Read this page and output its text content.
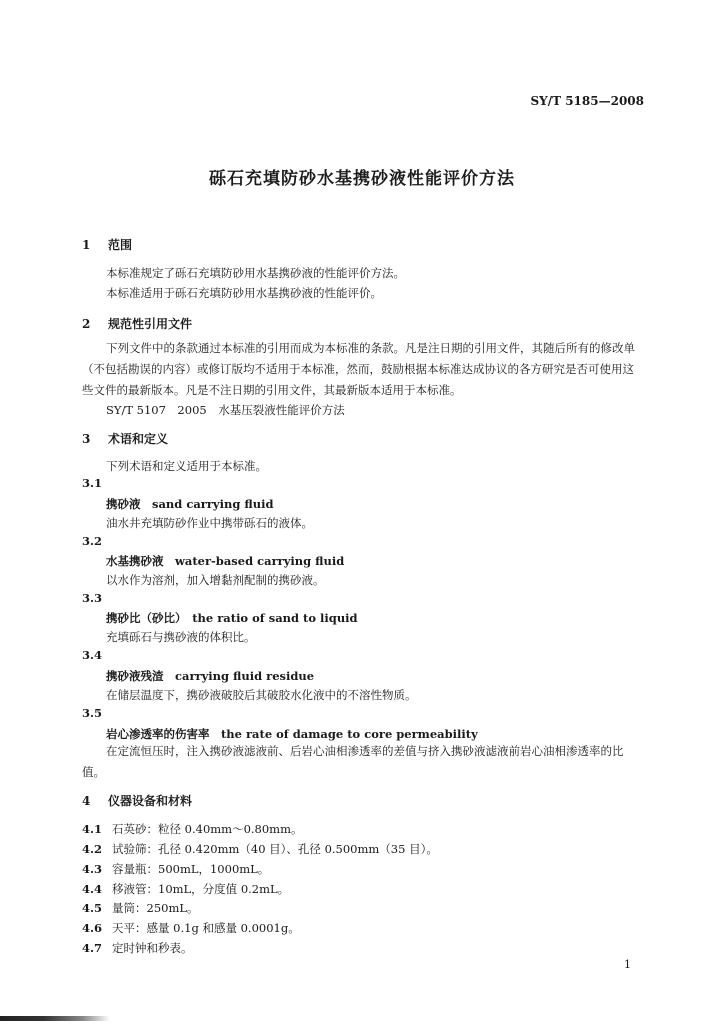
SY/T 5185—2008
砾石充填防砂水基携砂液性能评价方法
1 范围
本标准规定了砾石充填防砂用水基携砂液的性能评价方法。
本标准适用于砾石充填防砂用水基携砂液的性能评价。
2 规范性引用文件
下列文件中的条款通过本标准的引用而成为本标准的条款。凡是注日期的引用文件，其随后所有的修改单（不包括勘误的内容）或修订版均不适用于本标准，然而，鼓励根据本标准达成协议的各方研究是否可使用这些文件的最新版本。凡是不注日期的引用文件，其最新版本适用于本标准。
SY/T 5107　2005　水基压裂液性能评价方法
3 术语和定义
下列术语和定义适用于本标准。
3.1
携砂液　sand carrying fluid
油水井充填防砂作业中携带砾石的液体。
3.2
水基携砂液　water-based carrying fluid
以水作为溶剂，加入增黏剂配制的携砂液。
3.3
携砂比（砂比）　the ratio of sand to liquid
充填砾石与携砂液的体积比。
3.4
携砂液残渣　carrying fluid residue
在储层温度下，携砂液破胶后其破胶水化液中的不溶性物质。
3.5
岩心渗透率的伤害率　the rate of damage to core permeability
在定流恒压时，注入携砂液滤液前、后岩心油相渗透率的差值与挤入携砂液滤液前岩心油相渗透率的比值。
4 仪器设备和材料
4.1 石英砂：粒径 0.40mm～0.80mm。
4.2 试验筛：孔径 0.420mm（40 目）、孔径 0.500mm（35 目）。
4.3 容量瓶：500mL，1000mL。
4.4 移液管：10mL，分度值 0.2mL。
4.5 量筒：250mL。
4.6 天平：感量 0.1g 和感量 0.0001g。
4.7 定时钟和秒表。
1
